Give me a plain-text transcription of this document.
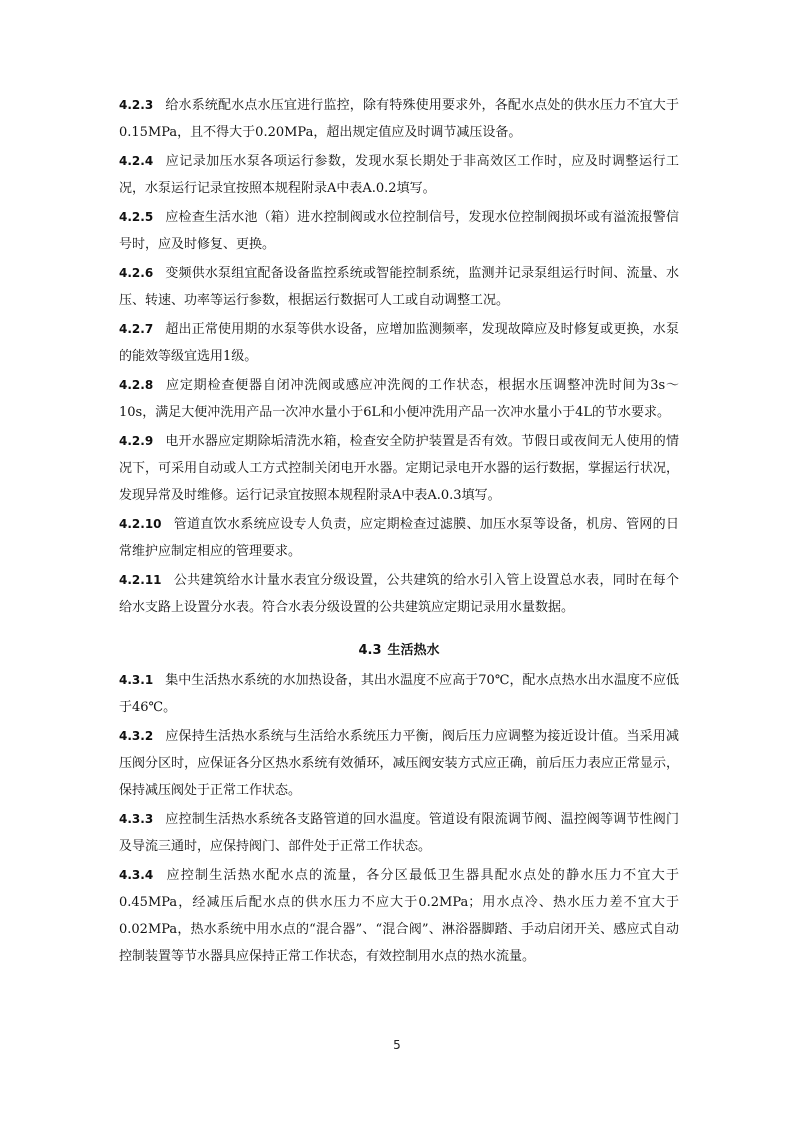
4.2.3 给水系统配水点水压宜进行监控，除有特殊使用要求外，各配水点处的供水压力不宜大于0.15MPa，且不得大于0.20MPa，超出规定值应及时调节减压设备。

4.2.4 应记录加压水泵各项运行参数，发现水泵长期处于非高效区工作时，应及时调整运行工况，水泵运行记录宜按照本规程附录A中表A.0.2填写。

4.2.5 应检查生活水池（箱）进水控制阀或水位控制信号，发现水位控制阀损坏或有溢流报警信号时，应及时修复、更换。

4.2.6 变频供水泵组宜配备设备监控系统或智能控制系统，监测并记录泵组运行时间、流量、水压、转速、功率等运行参数，根据运行数据可人工或自动调整工况。

4.2.7 超出正常使用期的水泵等供水设备，应增加监测频率，发现故障应及时修复或更换，水泵的能效等级宜选用1级。

4.2.8 应定期检查便器自闭冲洗阀或感应冲洗阀的工作状态，根据水压调整冲洗时间为3s～10s，满足大便冲洗用产品一次冲水量小于6L和小便冲洗用产品一次冲水量小于4L的节水要求。

4.2.9 电开水器应定期除垢清洗水箱，检查安全防护装置是否有效。节假日或夜间无人使用的情况下，可采用自动或人工方式控制关闭电开水器。定期记录电开水器的运行数据，掌握运行状况，发现异常及时维修。运行记录宜按照本规程附录A中表A.0.3填写。

4.2.10 管道直饮水系统应设专人负责，应定期检查过滤膜、加压水泵等设备，机房、管网的日常维护应制定相应的管理要求。

4.2.11 公共建筑给水计量水表宜分级设置，公共建筑的给水引入管上设置总水表，同时在每个给水支路上设置分水表。符合水表分级设置的公共建筑应定期记录用水量数据。

4.3 生活热水

4.3.1 集中生活热水系统的水加热设备，其出水温度不应高于70℃，配水点热水出水温度不应低于46℃。

4.3.2 应保持生活热水系统与生活给水系统压力平衡，阀后压力应调整为接近设计值。当采用减压阀分区时，应保证各分区热水系统有效循环，减压阀安装方式应正确，前后压力表应正常显示，保持减压阀处于正常工作状态。

4.3.3 应控制生活热水系统各支路管道的回水温度。管道设有限流调节阀、温控阀等调节性阀门及导流三通时，应保持阀门、部件处于正常工作状态。

4.3.4 应控制生活热水配水点的流量，各分区最低卫生器具配水点处的静水压力不宜大于0.45MPa，经减压后配水点的供水压力不应大于0.2MPa；用水点冷、热水压力差不宜大于0.02MPa，热水系统中用水点的“混合器”、“混合阀”、淋浴器脚踏、手动启闭开关、感应式自动控制装置等节水器具应保持正常工作状态，有效控制用水点的热水流量。

5
